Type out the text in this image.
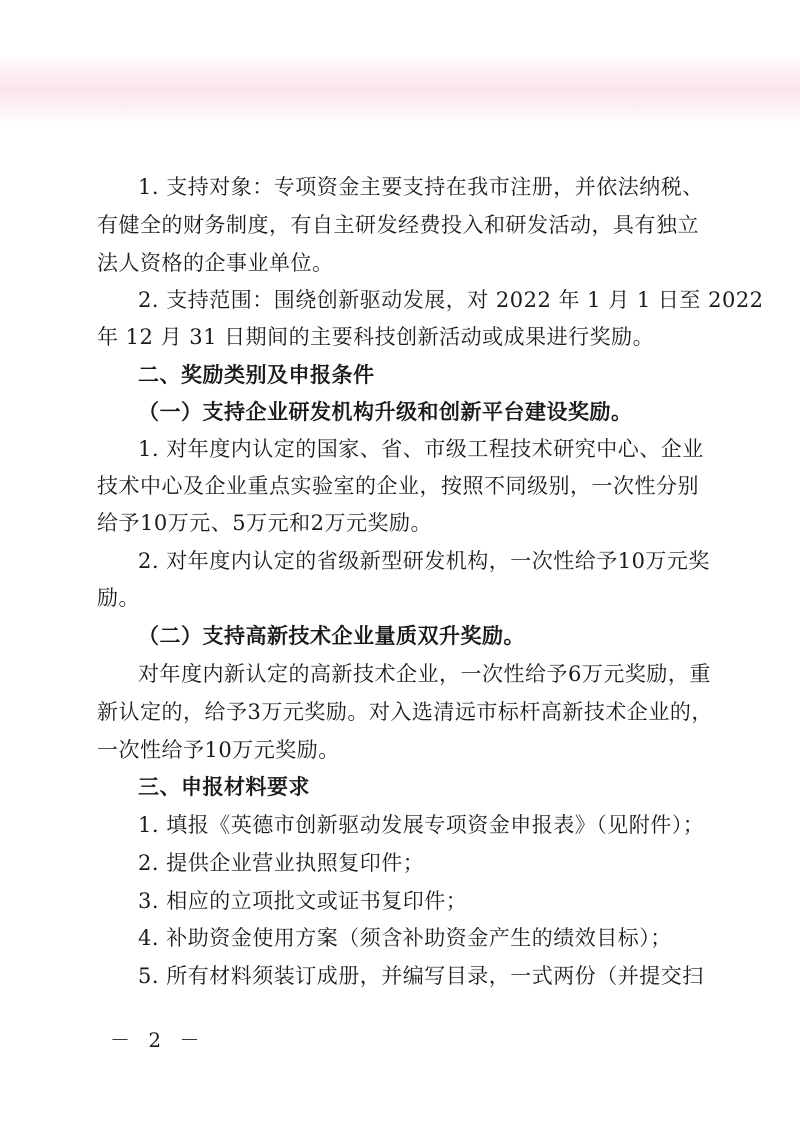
1. 支持对象：专项资金主要支持在我市注册，并依法纳税、
有健全的财务制度，有自主研发经费投入和研发活动，具有独立
法人资格的企事业单位。
2. 支持范围：围绕创新驱动发展，对 2022 年 1 月 1 日至 2022
年 12 月 31 日期间的主要科技创新活动或成果进行奖励。
二、奖励类别及申报条件
（一）支持企业研发机构升级和创新平台建设奖励。
1. 对年度内认定的国家、省、市级工程技术研究中心、企业
技术中心及企业重点实验室的企业，按照不同级别，一次性分别
给予10万元、5万元和2万元奖励。
2. 对年度内认定的省级新型研发机构，一次性给予10万元奖
励。
（二）支持高新技术企业量质双升奖励。
对年度内新认定的高新技术企业，一次性给予6万元奖励，重
新认定的，给予3万元奖励。对入选清远市标杆高新技术企业的，
一次性给予10万元奖励。
三、申报材料要求
1. 填报《英德市创新驱动发展专项资金申报表》（见附件）；
2. 提供企业营业执照复印件；
3. 相应的立项批文或证书复印件；
4. 补助资金使用方案（须含补助资金产生的绩效目标）；
5. 所有材料须装订成册，并编写目录，一式两份（并提交扫
－ 2 －
